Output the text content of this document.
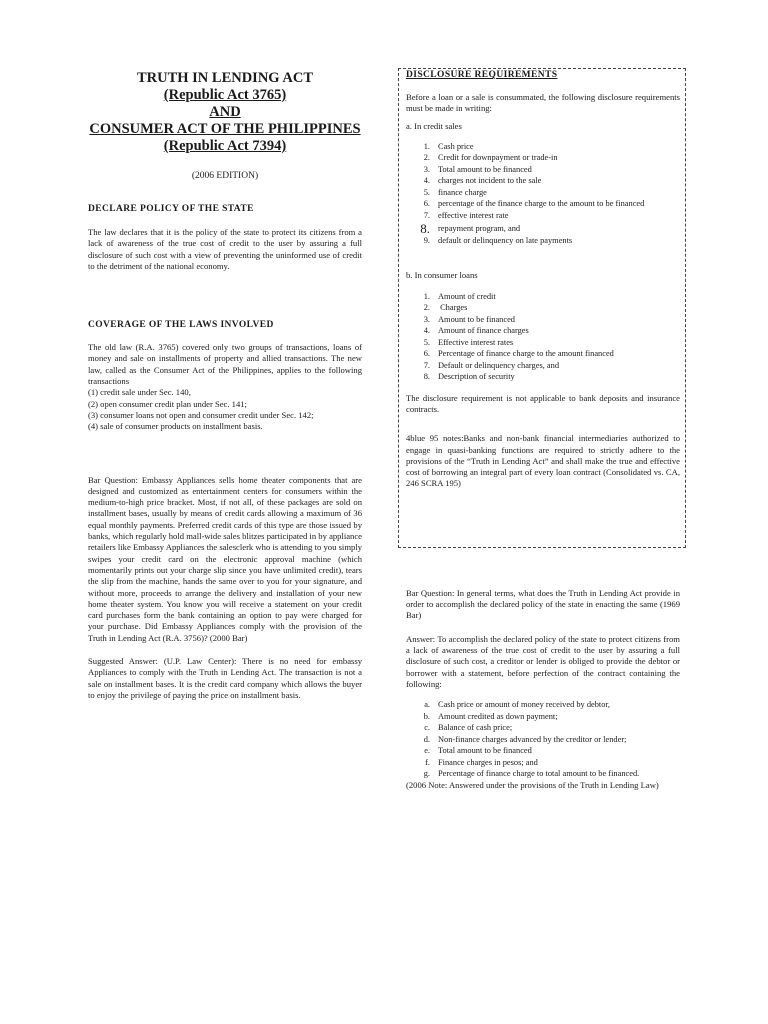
TRUTH IN LENDING ACT
(Republic Act 3765)
AND
CONSUMER ACT OF THE PHILIPPINES
(Republic Act 7394)
(2006 EDITION)
DECLARE POLICY OF THE STATE

The law declares that it is the policy of the state to protect its citizens from a lack of awareness of the true cost of credit to the user by assuring a full disclosure of such cost with a view of preventing the uninformed use of credit to the detriment of the national economy.

COVERAGE OF THE LAWS INVOLVED

The old law (R.A. 3765) covered only two groups of transactions, loans of money and sale on installments of property and allied transactions. The new law, called as the Consumer Act of the Philippines, applies to the following transactions

(1) credit sale under Sec. 140,

(2) open consumer credit plan under Sec. 141;

(3) consumer loans not open and consumer credit under Sec. 142;

(4) sale of consumer products on installment basis.

Bar Question: Embassy Appliances sells home theater components that are designed and customized as entertainment centers for consumers within the medium-to-high price bracket. Most, if not all, of these packages are sold on installment bases, usually by means of credit cards allowing a maximum of 36 equal monthly payments. Preferred credit cards of this type are those issued by banks, which regularly hold mall-wide sales blitzes participated in by appliance retailers like Embassy Appliances the salesclerk who is attending to you simply swipes your credit card on the electronic approval machine (which momentarily prints out your charge slip since you have unlimited credit), tears the slip from the machine, hands the same over to you for your signature, and without more, proceeds to arrange the delivery and installation of your new home theater system. You know you will receive a statement on your credit card purchases form the bank containing an option to pay were charged for your purchase. Did Embassy Appliances comply with the provision of the Truth in Lending Act (R.A. 3756)? (2000 Bar)

Suggested Answer: (U.P. Law Center): There is no need for embassy Appliances to comply with the Truth in Lending Act. The transaction is not a sale on installment bases. It is the credit card company which allows the buyer to enjoy the privilege of paying the price on installment basis.

DISCLOSURE REQUIREMENTS

Before a loan or a sale is consummated, the following disclosure requirements must be made in writing:

a. In credit sales

1. Cash price
2. Credit for downpayment or trade-in
3. Total amount to be financed
4. charges not incident to the sale
5. finance charge
6. percentage of the finance charge to the amount to be financed
7. effective interest rate
8. repayment program, and
9. default or delinquency on late payments

b. In consumer loans

1. Amount of credit
2. Charges
3. Amount to be financed
4. Amount of finance charges
5. Effective interest rates
6. Percentage of finance charge to the amount financed
7. Default or delinquency charges, and
8. Description of security

The disclosure requirement is not applicable to bank deposits and insurance contracts.

4blue 95 notes:Banks and non-bank financial intermediaries authorized to engage in quasi-banking functions are required to strictly adhere to the provisions of the “Truth in Lending Act” and shall make the true and effective cost of borrowing an integral part of every loan contract (Consolidated vs. CA, 246 SCRA 195)

Bar Question: In general terms, what does the Truth in Lending Act provide in order to accomplish the declared policy of the state in enacting the same (1969 Bar)

Answer: To accomplish the declared policy of the state to protect citizens from a lack of awareness of the true cost of credit to the user by assuring a full disclosure of such cost, a creditor or lender is obliged to provide the debtor or borrower with a statement, before perfection of the contract containing the following:

a. Cash price or amount of money received by debtor,
b. Amount credited as down payment;
c. Balance of cash price;
d. Non-finance charges advanced by the creditor or lender;
e. Total amount to be financed
f. Finance charges in pesos; and
g. Percentage of finance charge to total amount to be financed.

(2006 Note: Answered under the provisions of the Truth in Lending Law)
